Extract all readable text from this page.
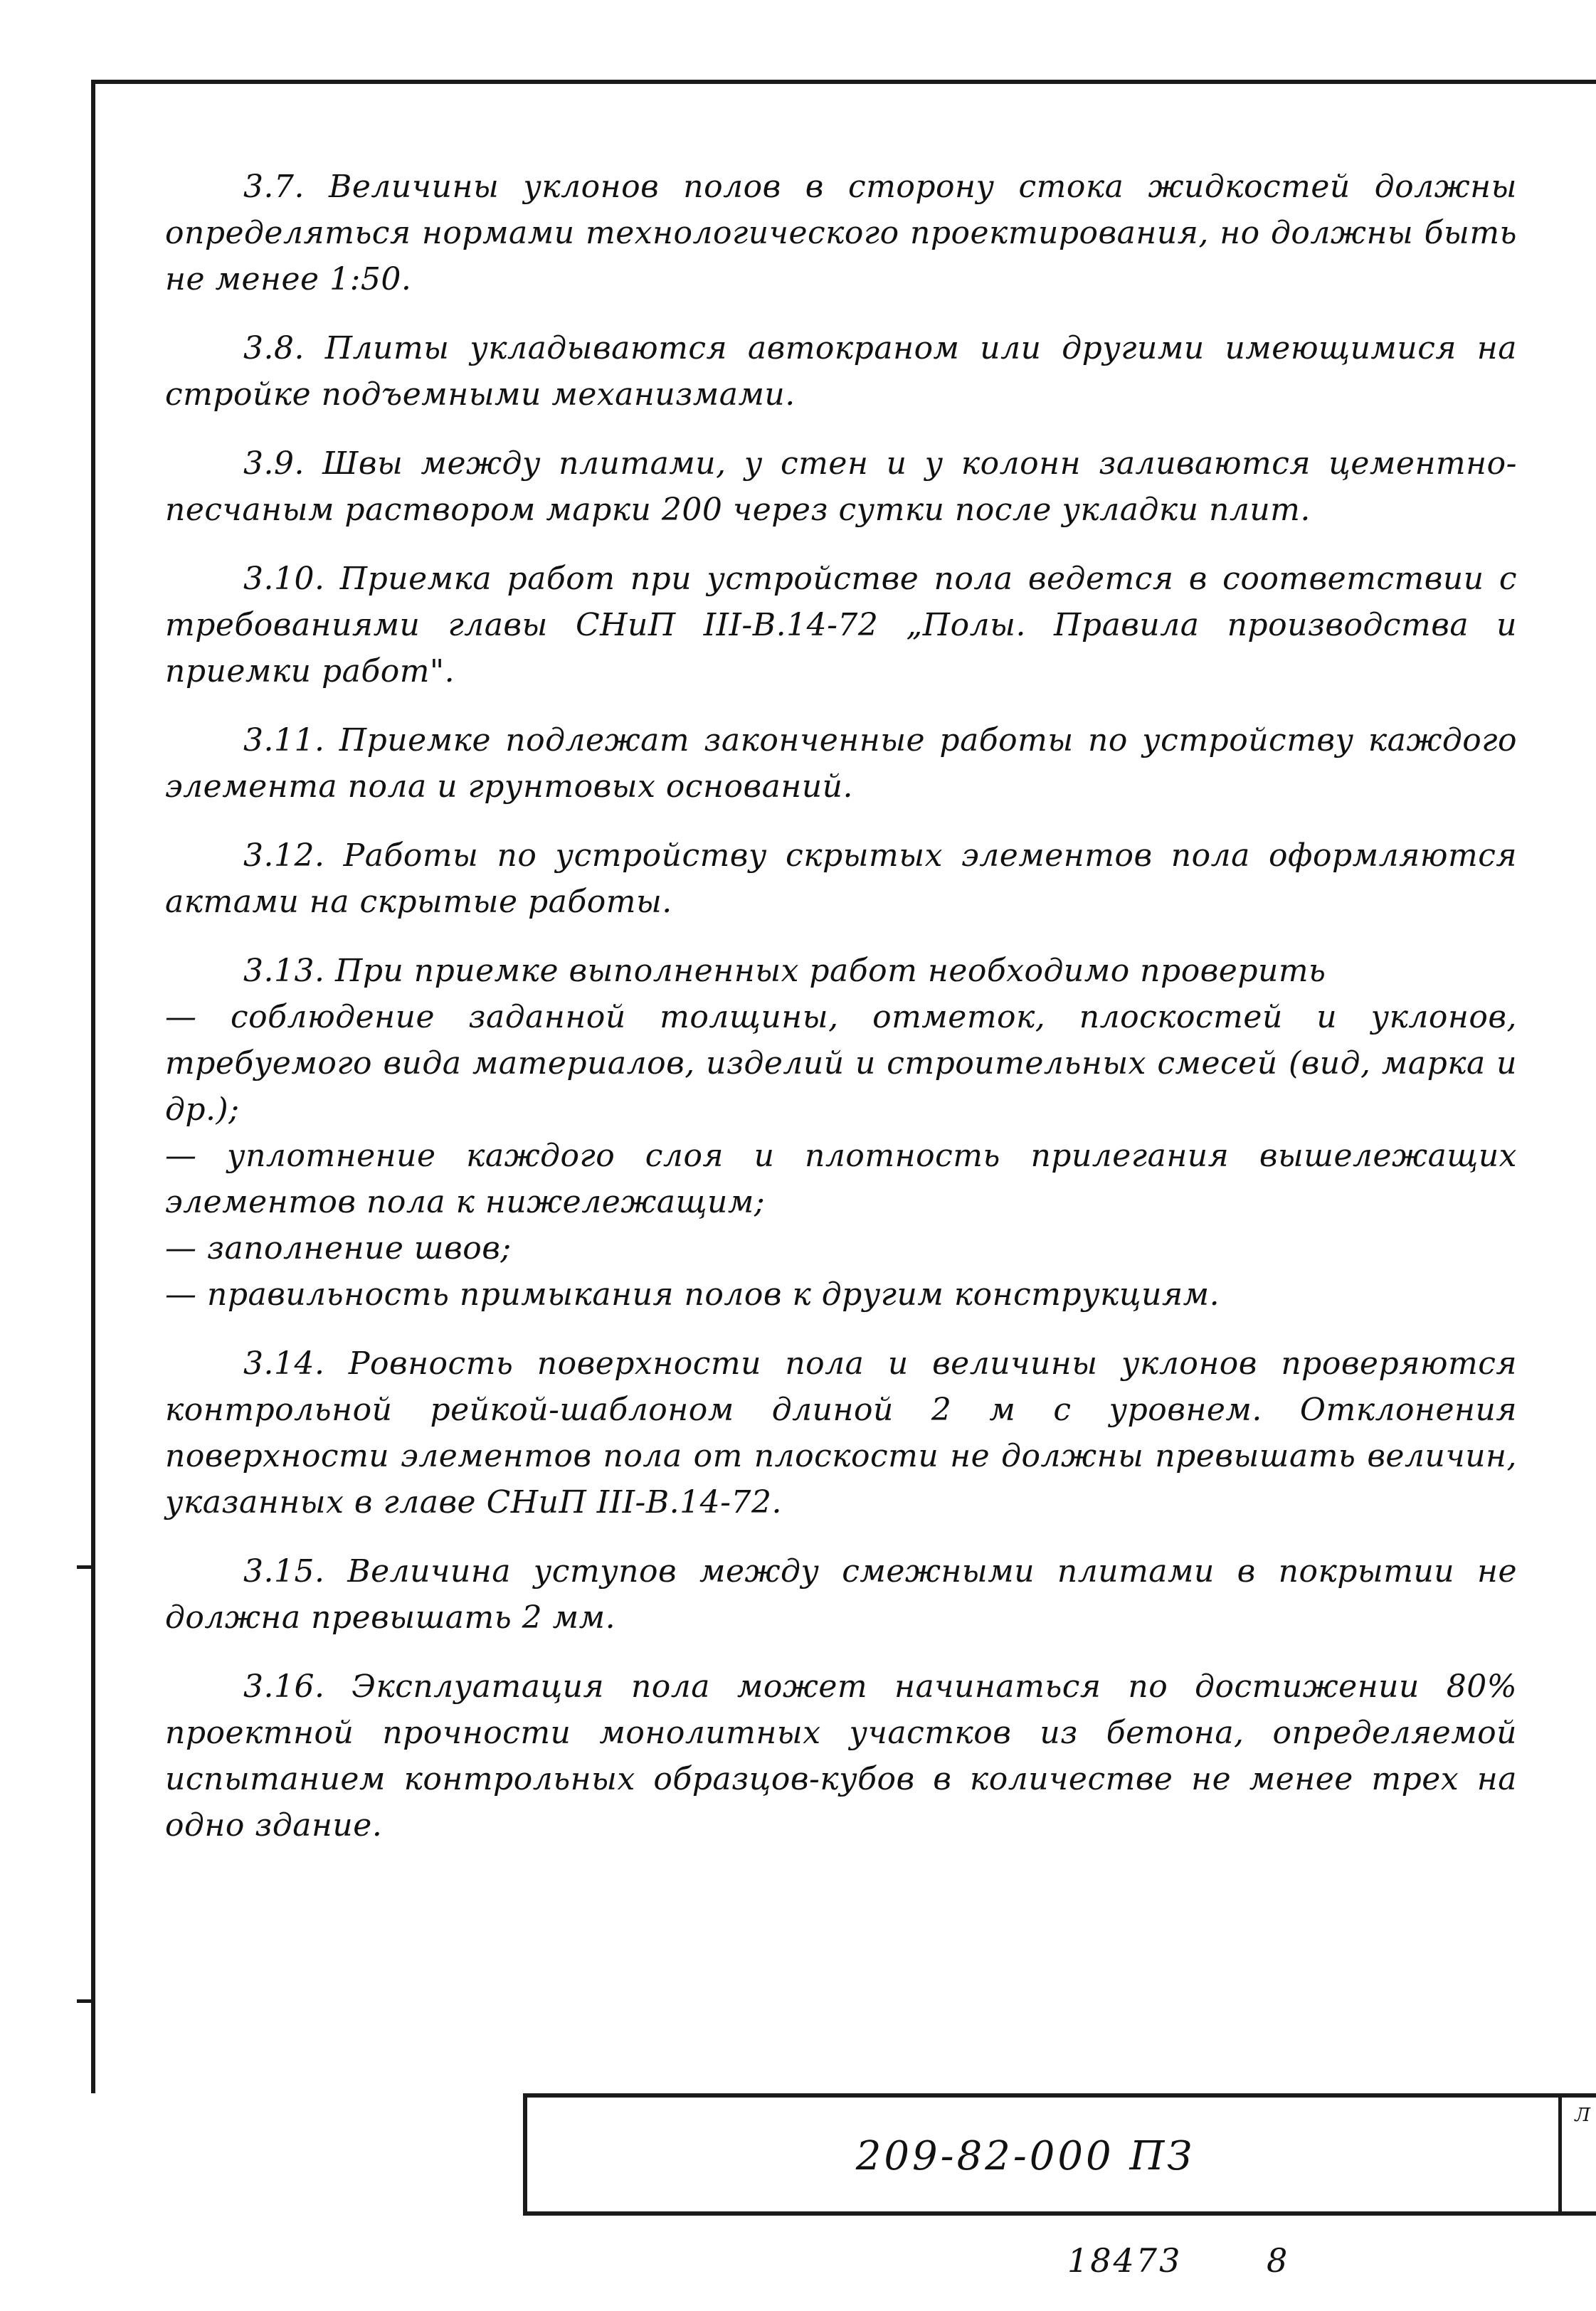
3.7. Величины уклонов полов в сторону стока жидкостей должны определяться нормами технологического проектирования, но должны быть не менее 1:50.

3.8. Плиты укладываются автокраном или другими имеющимися на стройке подъемными механизмами.

3.9. Швы между плитами, у стен и у колонн заливаются цементно-песчаным раствором марки 200 через сутки после укладки плит.

3.10. Приемка работ при устройстве пола ведется в соответствии с требованиями главы СНиП III-В.14-72 „Полы. Правила производства и приемки работ".

3.11. Приемке подлежат законченные работы по устройству каждого элемента пола и грунтовых оснований.

3.12. Работы по устройству скрытых элементов пола оформляются актами на скрытые работы.

3.13. При приемке выполненных работ необходимо проверить

— соблюдение заданной толщины, отметок, плоскостей и уклонов, требуемого вида материалов, изделий и строительных смесей (вид, марка и др.);

— уплотнение каждого слоя и плотность прилегания вышележащих элементов пола к нижележащим;

— заполнение швов;

— правильность примыкания полов к другим конструкциям.

3.14. Ровность поверхности пола и величины уклонов проверяются контрольной рейкой-шаблоном длиной 2 м с уровнем. Отклонения поверхности элементов пола от плоскости не должны превышать величин, указанных в главе СНиП III-В.14-72.

3.15. Величина уступов между смежными плитами в покрытии не должна превышать 2 мм.

3.16. Эксплуатация пола может начинаться по достижении 80% проектной прочности монолитных участков из бетона, определяемой испытанием контрольных образцов-кубов в количестве не менее трех на одно здание.

209-82-000 ПЗ
Л
18473	8
